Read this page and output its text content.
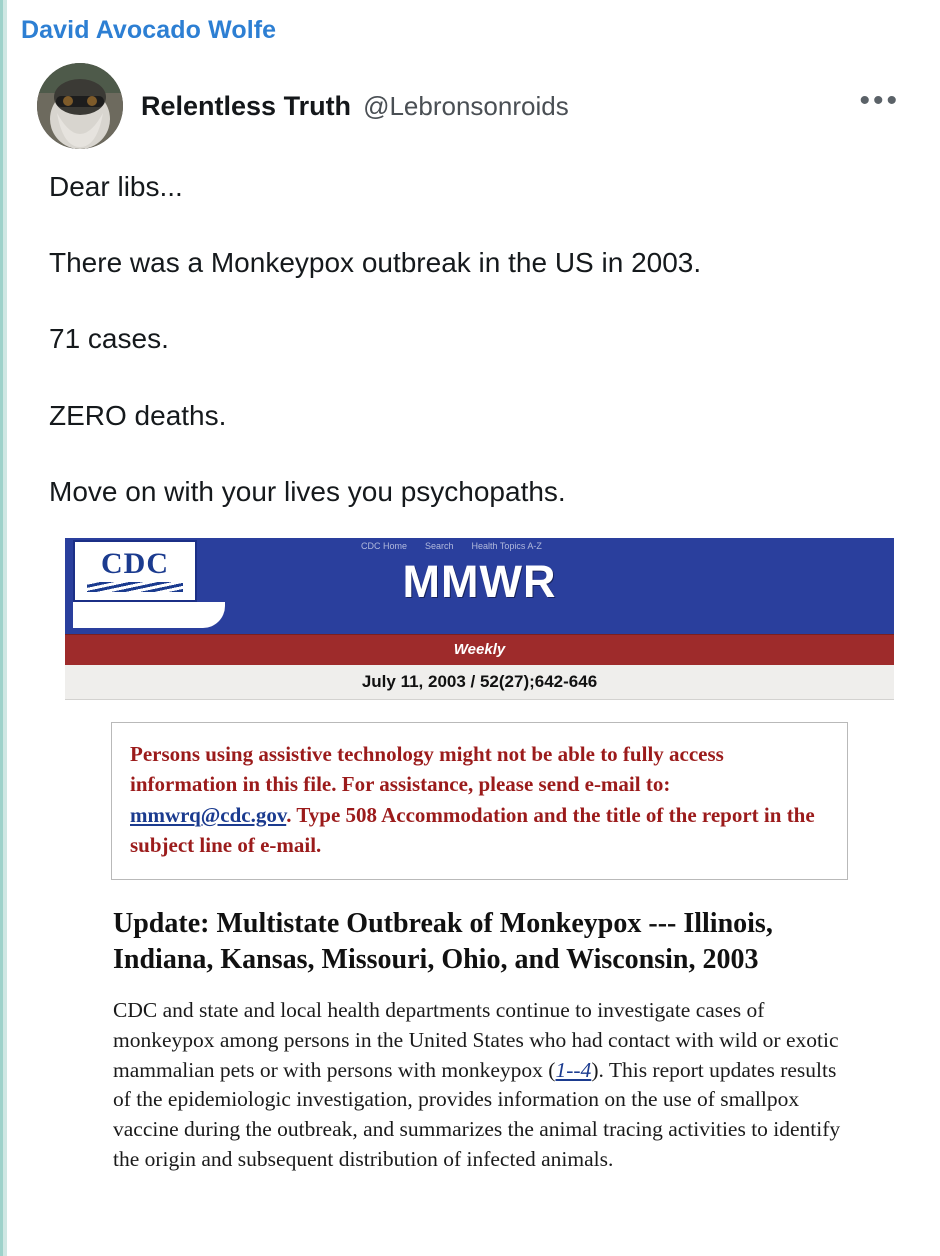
David Avocado Wolfe
Relentless Truth @Lebronsonroids	•••

Dear libs...

There was a Monkeypox outbreak in the US in 2003.

71 cases.

ZERO deaths.

Move on with your lives you psychopaths.

CDC Home Search Health Topics A-Z
CDC	MMWR
Weekly
July 11, 2003 / 52(27);642-646
Persons using assistive technology might not be able to fully access information in this file. For assistance, please send e-mail to: mmwrq@cdc.gov. Type 508 Accommodation and the title of the report in the subject line of e-mail.
Update: Multistate Outbreak of Monkeypox --- Illinois, Indiana, Kansas, Missouri, Ohio, and Wisconsin, 2003

CDC and state and local health departments continue to investigate cases of monkeypox among persons in the United States who had contact with wild or exotic mammalian pets or with persons with monkeypox (1--4). This report updates results of the epidemiologic investigation, provides information on the use of smallpox vaccine during the outbreak, and summarizes the animal tracing activities to identify the origin and subsequent distribution of infected animals.
